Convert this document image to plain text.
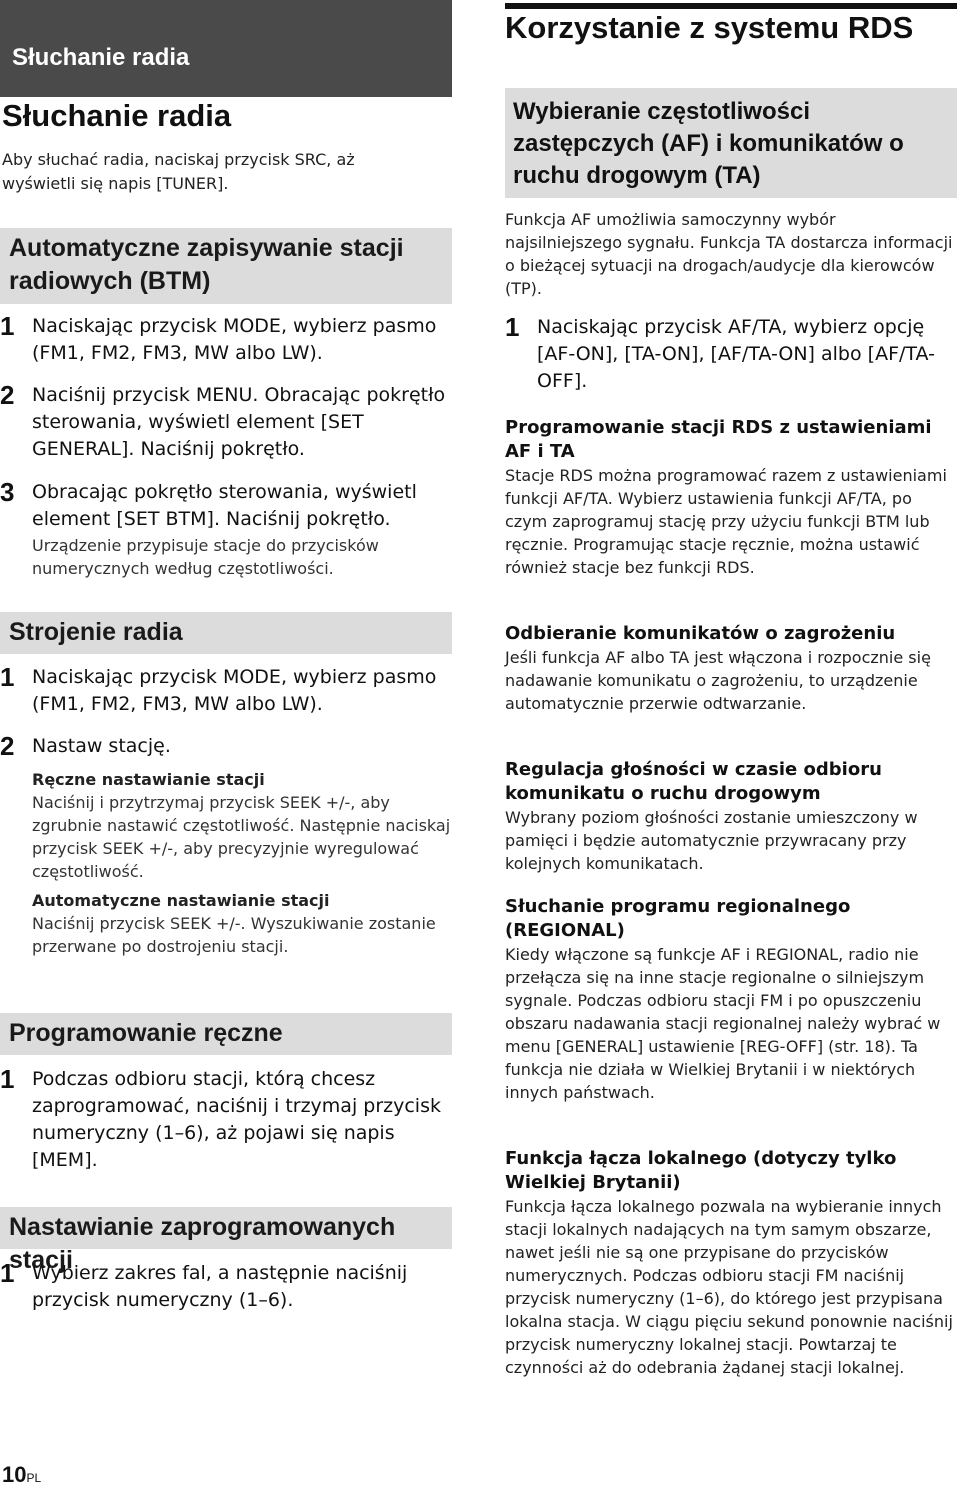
Słuchanie radia
Słuchanie radia

Aby słuchać radia, naciskaj przycisk SRC, aż wyświetli się napis [TUNER].

Automatyczne zapisywanie stacji radiowych (BTM)
1 Naciskając przycisk MODE, wybierz pasmo (FM1, FM2, FM3, MW albo LW).
2 Naciśnij przycisk MENU. Obracając pokrętło sterowania, wyświetl element [SET GENERAL]. Naciśnij pokrętło.
3 Obracając pokrętło sterowania, wyświetl element [SET BTM]. Naciśnij pokrętło.

Urządzenie przypisuje stacje do przycisków numerycznych według częstotliwości.

Strojenie radia
1 Naciskając przycisk MODE, wybierz pasmo (FM1, FM2, FM3, MW albo LW).
2 Nastaw stację.
Ręczne nastawianie stacji

Naciśnij i przytrzymaj przycisk SEEK +/-, aby zgrubnie nastawić częstotliwość. Następnie naciskaj przycisk SEEK +/-, aby precyzyjnie wyregulować częstotliwość.

Automatyczne nastawianie stacji

Naciśnij przycisk SEEK +/-. Wyszukiwanie zostanie przerwane po dostrojeniu stacji.

Programowanie ręczne
1 Podczas odbioru stacji, którą chcesz zaprogramować, naciśnij i trzymaj przycisk numeryczny (1–6), aż pojawi się napis [MEM].
Nastawianie zaprogramowanych stacji
1 Wybierz zakres fal, a następnie naciśnij przycisk numeryczny (1–6).
Korzystanie z systemu RDS
Wybieranie częstotliwości zastępczych (AF) i komunikatów o ruchu drogowym (TA)

Funkcja AF umożliwia samoczynny wybór najsilniejszego sygnału. Funkcja TA dostarcza informacji o bieżącej sytuacji na drogach/audycje dla kierowców (TP).

1 Naciskając przycisk AF/TA, wybierz opcję [AF-ON], [TA-ON], [AF/TA-ON] albo [AF/TA-OFF].
Programowanie stacji RDS z ustawieniami AF i TA

Stacje RDS można programować razem z ustawieniami funkcji AF/TA. Wybierz ustawienia funkcji AF/TA, po czym zaprogramuj stację przy użyciu funkcji BTM lub ręcznie. Programując stacje ręcznie, można ustawić również stacje bez funkcji RDS.

Odbieranie komunikatów o zagrożeniu

Jeśli funkcja AF albo TA jest włączona i rozpocznie się nadawanie komunikatu o zagrożeniu, to urządzenie automatycznie przerwie odtwarzanie.

Regulacja głośności w czasie odbioru komunikatu o ruchu drogowym

Wybrany poziom głośności zostanie umieszczony w pamięci i będzie automatycznie przywracany przy kolejnych komunikatach.

Słuchanie programu regionalnego (REGIONAL)

Kiedy włączone są funkcje AF i REGIONAL, radio nie przełącza się na inne stacje regionalne o silniejszym sygnale. Podczas odbioru stacji FM i po opuszczeniu obszaru nadawania stacji regionalnej należy wybrać w menu [GENERAL] ustawienie [REG-OFF] (str. 18). Ta funkcja nie działa w Wielkiej Brytanii i w niektórych innych państwach.

Funkcja łącza lokalnego (dotyczy tylko Wielkiej Brytanii)

Funkcja łącza lokalnego pozwala na wybieranie innych stacji lokalnych nadających na tym samym obszarze, nawet jeśli nie są one przypisane do przycisków numerycznych. Podczas odbioru stacji FM naciśnij przycisk numeryczny (1–6), do którego jest przypisana lokalna stacja. W ciągu pięciu sekund ponownie naciśnij przycisk numeryczny lokalnej stacji. Powtarzaj te czynności aż do odebrania żądanej stacji lokalnej.

10PL
